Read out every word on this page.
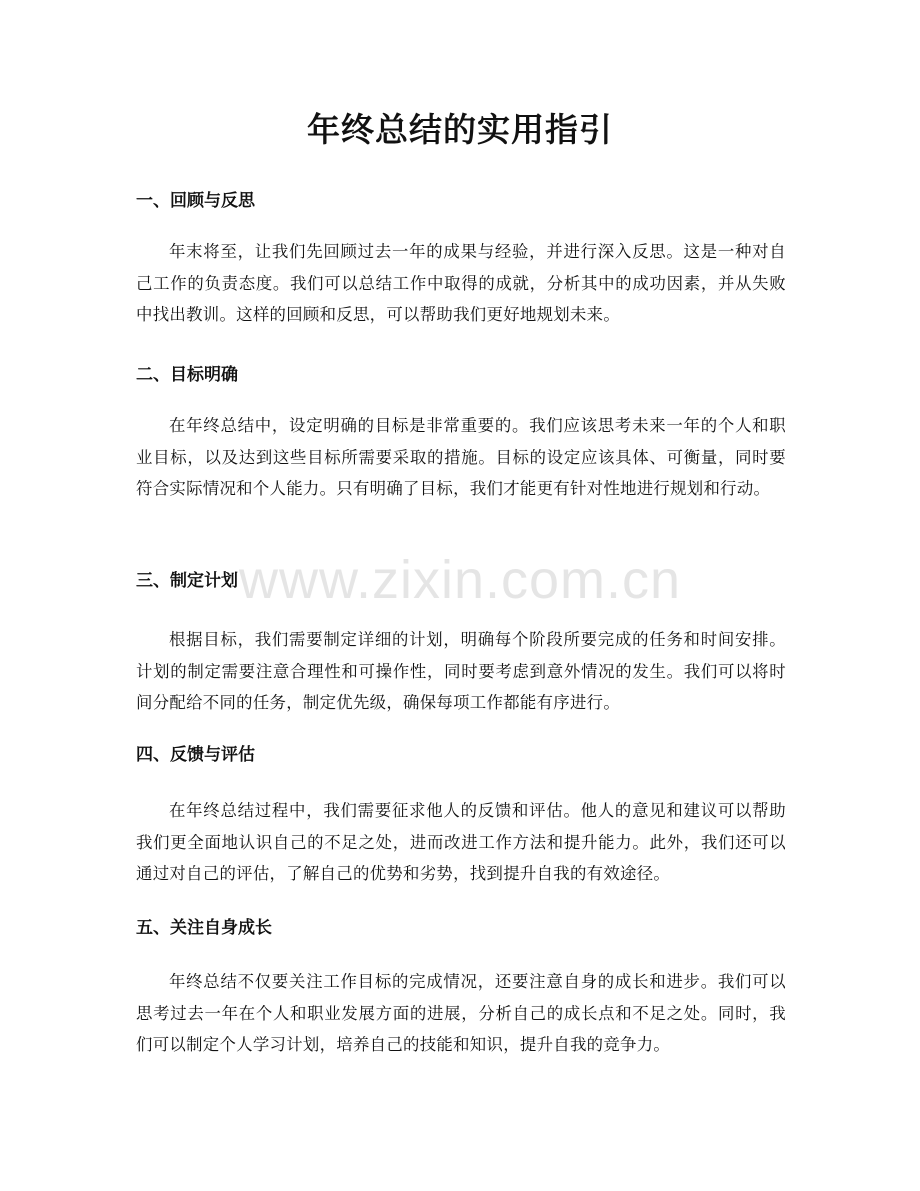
年终总结的实用指引
一、回顾与反思

年末将至，让我们先回顾过去一年的成果与经验，并进行深入反思。这是一种对自己工作的负责态度。我们可以总结工作中取得的成就，分析其中的成功因素，并从失败中找出教训。这样的回顾和反思，可以帮助我们更好地规划未来。

二、目标明确

在年终总结中，设定明确的目标是非常重要的。我们应该思考未来一年的个人和职业目标，以及达到这些目标所需要采取的措施。目标的设定应该具体、可衡量，同时要符合实际情况和个人能力。只有明确了目标，我们才能更有针对性地进行规划和行动。

三、制定计划

根据目标，我们需要制定详细的计划，明确每个阶段所要完成的任务和时间安排。计划的制定需要注意合理性和可操作性，同时要考虑到意外情况的发生。我们可以将时间分配给不同的任务，制定优先级，确保每项工作都能有序进行。

四、反馈与评估

在年终总结过程中，我们需要征求他人的反馈和评估。他人的意见和建议可以帮助我们更全面地认识自己的不足之处，进而改进工作方法和提升能力。此外，我们还可以通过对自己的评估，了解自己的优势和劣势，找到提升自我的有效途径。

五、关注自身成长

年终总结不仅要关注工作目标的完成情况，还要注意自身的成长和进步。我们可以思考过去一年在个人和职业发展方面的进展，分析自己的成长点和不足之处。同时，我们可以制定个人学习计划，培养自己的技能和知识，提升自我的竞争力。

www.zixin.com.cn
